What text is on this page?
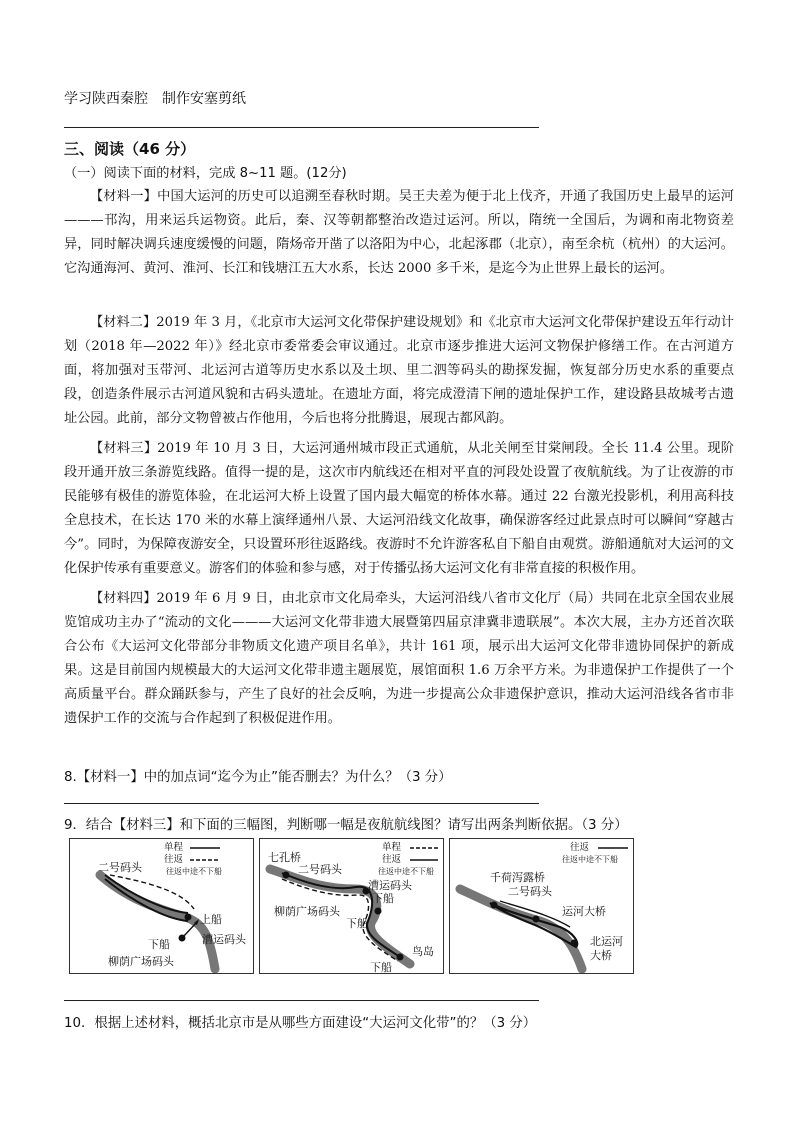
学习陕西秦腔　制作安塞剪纸
三、阅读（46 分）
（一）阅读下面的材料，完成 8~11 题。(12分)
【材料一】中国大运河的历史可以追溯至春秋时期。吴王夫差为便于北上伐齐，开通了我国历史上最早的运河———邗沟，用来运兵运物资。此后，秦、汉等朝都整治改造过运河。所以，隋统一全国后，为调和南北物资差异，同时解决调兵速度缓慢的问题，隋炀帝开凿了以洛阳为中心，北起涿郡（北京），南至余杭（杭州）的大运河。它沟通海河、黄河、淮河、长江和钱塘江五大水系，长达 2000 多千米，是迄今为止世界上最长的运河。
【材料二】2019 年 3 月，《北京市大运河文化带保护建设规划》和《北京市大运河文化带保护建设五年行动计划（2018 年—2022 年）》经北京市委常委会审议通过。北京市逐步推进大运河文物保护修缮工作。在古河道方面，将加强对玉带河、北运河古道等历史水系以及土坝、里二泗等码头的勘探发掘，恢复部分历史水系的重要点段，创造条件展示古河道风貌和古码头遗址。在遗址方面，将完成澄清下闸的遗址保护工作，建设路县故城考古遗址公园。此前，部分文物曾被占作他用，今后也将分批腾退，展现古都风韵。
【材料三】2019 年 10 月 3 日，大运河通州城市段正式通航，从北关闸至甘棠闸段。全长 11.4 公里。现阶段开通开放三条游览线路。值得一提的是，这次市内航线还在相对平直的河段处设置了夜航航线。为了让夜游的市民能够有极佳的游览体验，在北运河大桥上设置了国内最大幅宽的桥体水幕。通过 22 台激光投影机，利用高科技全息技术，在长达 170 米的水幕上演绎通州八景、大运河沿线文化故事，确保游客经过此景点时可以瞬间“穿越古今”。同时，为保障夜游安全，只设置环形往返路线。夜游时不允许游客私自下船自由观赏。游船通航对大运河的文化保护传承有重要意义。游客们的体验和参与感，对于传播弘扬大运河文化有非常直接的积极作用。
【材料四】2019 年 6 月 9 日，由北京市文化局牵头，大运河沿线八省市文化厅（局）共同在北京全国农业展览馆成功主办了“流动的文化———大运河文化带非遗大展暨第四届京津冀非遗联展”。本次大展，主办方还首次联合公布《大运河文化带部分非物质文化遗产项目名单》，共计 161 项，展示出大运河文化带非遗协同保护的新成果。这是目前国内规模最大的大运河文化带非遗主题展览，展馆面积 1.6 万余平方米。为非遗保护工作提供了一个高质量平台。群众踊跃参与，产生了良好的社会反响，为进一步提高公众非遗保护意识，推动大运河沿线各省市非遗保护工作的交流与合作起到了积极促进作用。
8.【材料一】中的加点词“迄今为止”能否删去？为什么？（3 分）
9．结合【材料三】和下面的三幅图，判断哪一幅是夜航航线图？请写出两条判断依据。（3 分）
单程
往返
往返中途不下船
二号码头
上船
下船	漕运码头
柳荫广场码头
七孔桥
二号码头
单程
往返
往返中途不下船
漕运码头
下船
柳荫广场码头
下船
鸟岛
下船
往返
往返中途不下船
千荷泻露桥
二号码头
运河大桥
北运河
大桥
10．根据上述材料，概括北京市是从哪些方面建设“大运河文化带”的？（3 分）
